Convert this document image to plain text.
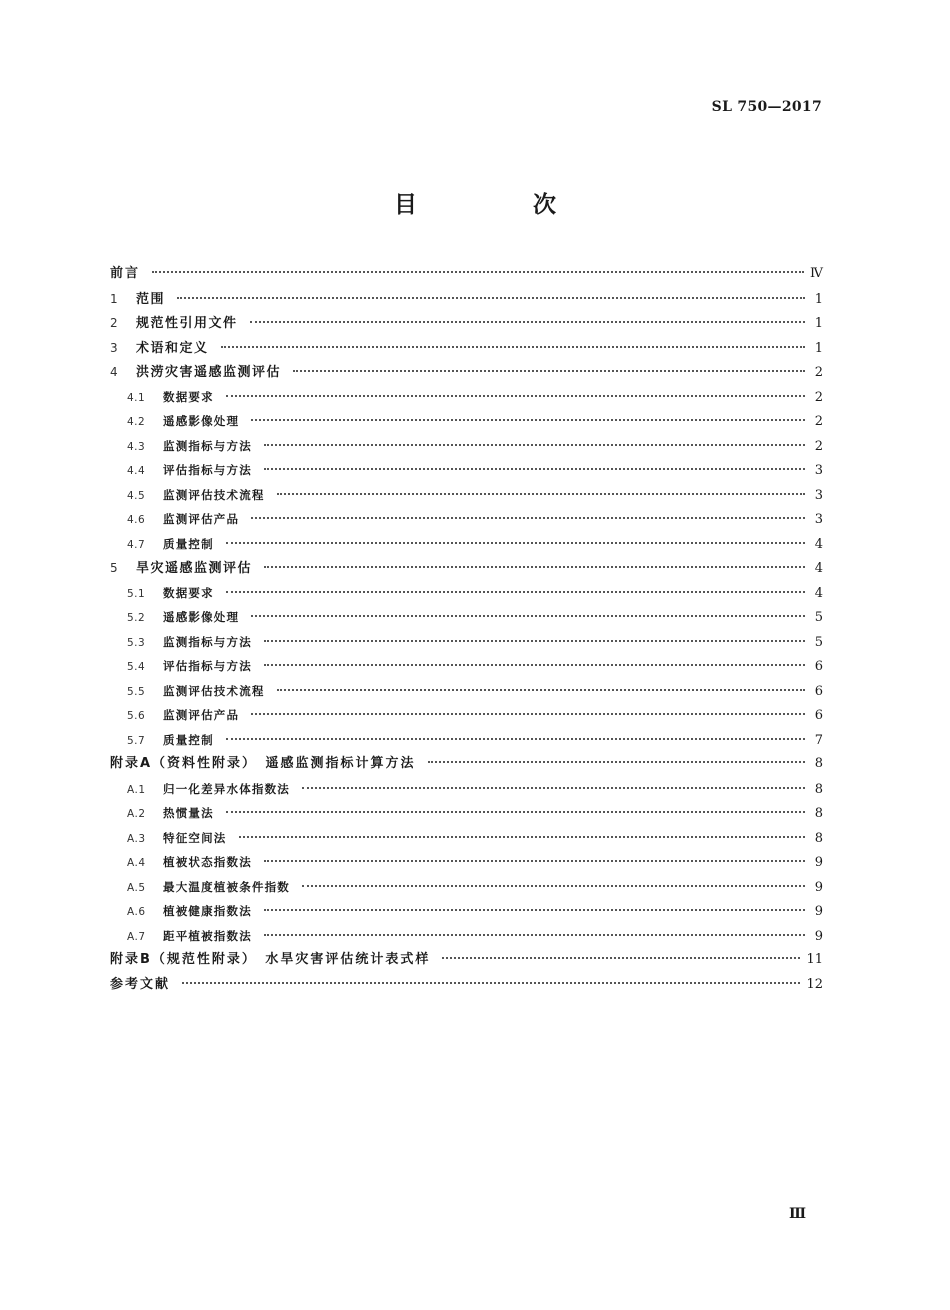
SL 750—2017
目 次
前言	Ⅳ
1	范围	1
2	规范性引用文件	1
3	术语和定义	1
4	洪涝灾害遥感监测评估	2
4.1	数据要求	2
4.2	遥感影像处理	2
4.3	监测指标与方法	2
4.4	评估指标与方法	3
4.5	监测评估技术流程	3
4.6	监测评估产品	3
4.7	质量控制	4
5	旱灾遥感监测评估	4
5.1	数据要求	4
5.2	遥感影像处理	5
5.3	监测指标与方法	5
5.4	评估指标与方法	6
5.5	监测评估技术流程	6
5.6	监测评估产品	6
5.7	质量控制	7
附录A（资料性附录）　遥感监测指标计算方法	8
A.1	归一化差异水体指数法	8
A.2	热惯量法	8
A.3	特征空间法	8
A.4	植被状态指数法	9
A.5	最大温度植被条件指数	9
A.6	植被健康指数法	9
A.7	距平植被指数法	9
附录B（规范性附录）　水旱灾害评估统计表式样	11
参考文献	12
Ⅲ
